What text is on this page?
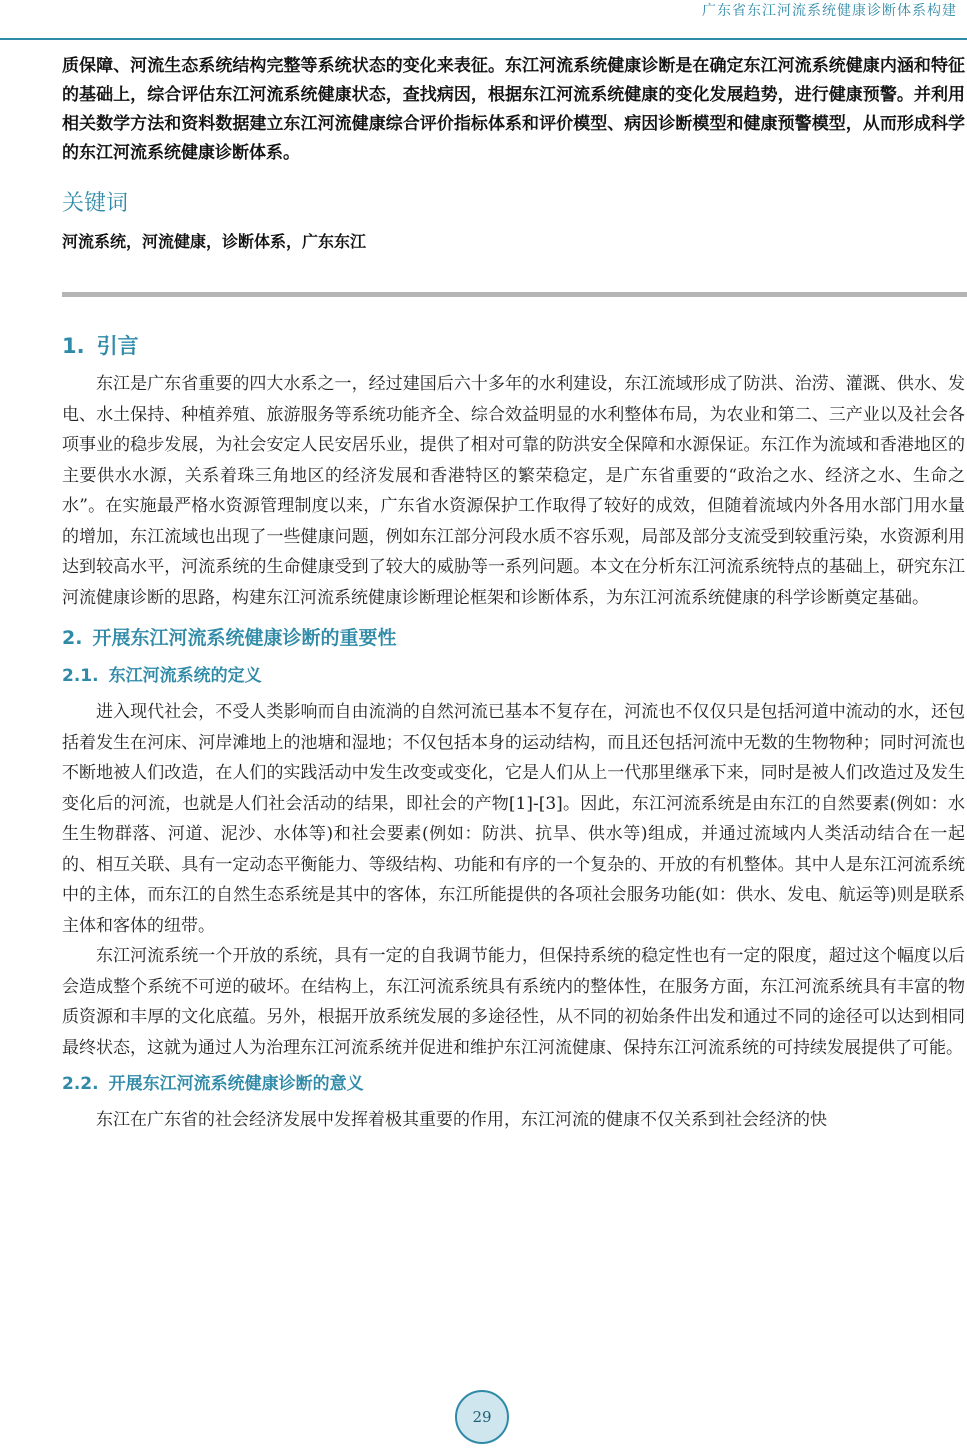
广东省东江河流系统健康诊断体系构建

质保障、河流生态系统结构完整等系统状态的变化来表征。东江河流系统健康诊断是在确定东江河流系统健康内涵和特征的基础上，综合评估东江河流系统健康状态，查找病因，根据东江河流系统健康的变化发展趋势，进行健康预警。并利用相关数学方法和资料数据建立东江河流健康综合评价指标体系和评价模型、病因诊断模型和健康预警模型，从而形成科学的东江河流系统健康诊断体系。

关键词

河流系统，河流健康，诊断体系，广东东江

1. 引言

东江是广东省重要的四大水系之一，经过建国后六十多年的水利建设，东江流域形成了防洪、治涝、灌溉、供水、发电、水土保持、种植养殖、旅游服务等系统功能齐全、综合效益明显的水利整体布局，为农业和第二、三产业以及社会各项事业的稳步发展，为社会安定人民安居乐业，提供了相对可靠的防洪安全保障和水源保证。东江作为流域和香港地区的主要供水水源，关系着珠三角地区的经济发展和香港特区的繁荣稳定，是广东省重要的“政治之水、经济之水、生命之水”。在实施最严格水资源管理制度以来，广东省水资源保护工作取得了较好的成效，但随着流域内外各用水部门用水量的增加，东江流域也出现了一些健康问题，例如东江部分河段水质不容乐观，局部及部分支流受到较重污染，水资源利用达到较高水平，河流系统的生命健康受到了较大的威胁等一系列问题。本文在分析东江河流系统特点的基础上，研究东江河流健康诊断的思路，构建东江河流系统健康诊断理论框架和诊断体系，为东江河流系统健康的科学诊断奠定基础。

2. 开展东江河流系统健康诊断的重要性
2.1. 东江河流系统的定义

进入现代社会，不受人类影响而自由流淌的自然河流已基本不复存在，河流也不仅仅只是包括河道中流动的水，还包括着发生在河床、河岸滩地上的池塘和湿地；不仅包括本身的运动结构，而且还包括河流中无数的生物物种；同时河流也不断地被人们改造，在人们的实践活动中发生改变或变化，它是人们从上一代那里继承下来，同时是被人们改造过及发生变化后的河流，也就是人们社会活动的结果，即社会的产物[1]-[3]。因此，东江河流系统是由东江的自然要素(例如：水生生物群落、河道、泥沙、水体等)和社会要素(例如：防洪、抗旱、供水等)组成，并通过流域内人类活动结合在一起的、相互关联、具有一定动态平衡能力、等级结构、功能和有序的一个复杂的、开放的有机整体。其中人是东江河流系统中的主体，而东江的自然生态系统是其中的客体，东江所能提供的各项社会服务功能(如：供水、发电、航运等)则是联系主体和客体的纽带。

东江河流系统一个开放的系统，具有一定的自我调节能力，但保持系统的稳定性也有一定的限度，超过这个幅度以后会造成整个系统不可逆的破坏。在结构上，东江河流系统具有系统内的整体性，在服务方面，东江河流系统具有丰富的物质资源和丰厚的文化底蕴。另外，根据开放系统发展的多途径性，从不同的初始条件出发和通过不同的途径可以达到相同最终状态，这就为通过人为治理东江河流系统并促进和维护东江河流健康、保持东江河流系统的可持续发展提供了可能。

2.2. 开展东江河流系统健康诊断的意义

东江在广东省的社会经济发展中发挥着极其重要的作用，东江河流的健康不仅关系到社会经济的快

29
